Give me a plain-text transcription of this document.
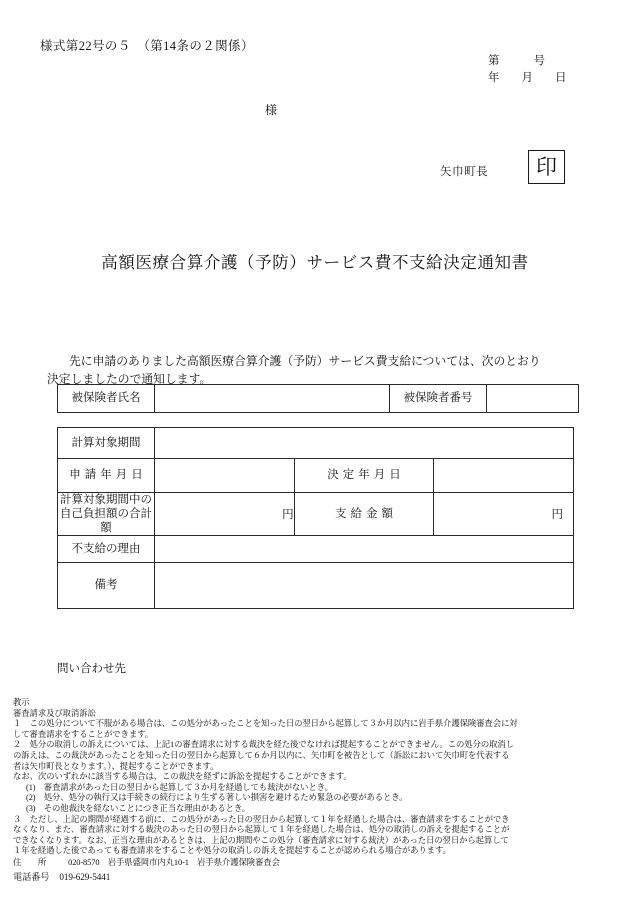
様式第22号の５　（第14条の２関係）
第	号
年 月 日
様
矢巾町長 印
高額医療合算介護（予防）サービス費不支給決定通知書
先に申請のありました高額医療合算介護（予防）サービス費支給については、次のとおり
決定しましたので通知します。
被保険者氏名		被保険者番号	
計算対象期間			
申請年月日		決定年月日	
計算対象期間中の
自己負担額の合計額	円	支給金額	円
不支給の理由			
備考			
問い合わせ先
教示
審査請求及び取消訴訟
１　この処分について不服がある場合は、この処分があったことを知った日の翌日から起算して３か月以内に岩手県介護保険審査会に対
して審査請求をすることができます。
２　処分の取消しの訴えについては、上記1の審査請求に対する裁決を経た後でなければ提起することができません。この処分の取消し
の訴えは、この裁決があったことを知った日の翌日から起算して６か月以内に、矢巾町を被告として（訴訟において矢巾町を代表する
者は矢巾町長となります。）、提起することができます。
なお、次のいずれかに該当する場合は、この裁決を経ずに訴訟を提起することができます。
(1)　審査請求があった日の翌日から起算して３か月を経過しても裁決がないとき。
(2)　処分、処分の執行又は手続きの続行により生ずる著しい損害を避けるため緊急の必要があるとき。
(3)　その他裁決を経ないことにつき正当な理由があるとき。
３　ただし、上記の期間が経過する前に、この処分があった日の翌日から起算して１年を経過した場合は、審査請求をすることができ
なくなり、また、審査請求に対する裁決のあった日の翌日から起算して１年を経過した場合は、処分の取消しの訴えを提起することが
できなくなります。なお、正当な理由があるときは、上記の期間やこの処分（審査請求に対する裁決）があった日の翌日から起算して
１年を経過した後であっても審査請求をすることや処分の取消しの訴えを提起することが認められる場合があります。
住　　所	020-8570　岩手県盛岡市内丸10-1　岩手県介護保険審査会
電話番号 019-629-5441
